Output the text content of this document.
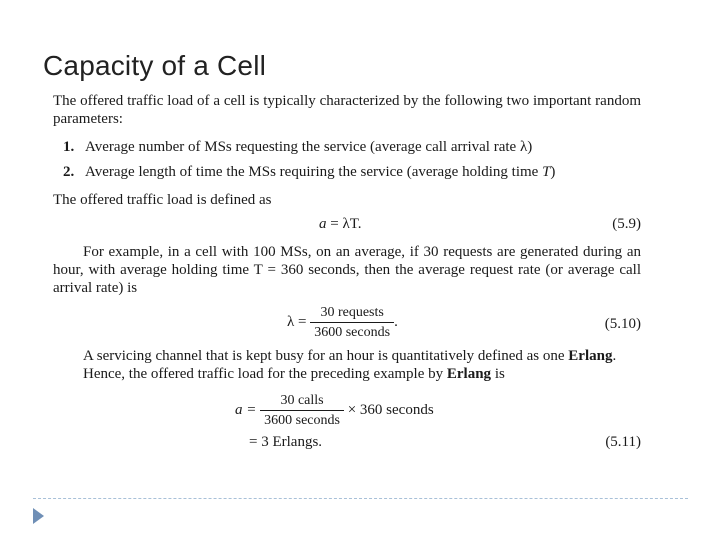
Capacity of a Cell

The offered traffic load of a cell is typically characterized by the following two important random parameters:

1. Average number of MSs requesting the service (average call arrival rate λ)

2. Average length of time the MSs requiring the service (average holding time T)

The offered traffic load is defined as

a = λT.	(5.9)

For example, in a cell with 100 MSs, on an average, if 30 requests are generated during an hour, with average holding time T = 360 seconds, then the average request rate (or average call arrival rate) is

$\lambda = \frac{\text{30 requests}}{\text{3600 seconds}}$ .	(5.10)

A servicing channel that is kept busy for an hour is quantitatively defined as one Erlang.

Hence, the offered traffic load for the preceding example by Erlang is

$a = \frac{\text{30 calls}}{\text{3600 seconds}} \times 360$ seconds
= 3 Erlangs.	(5.11)
